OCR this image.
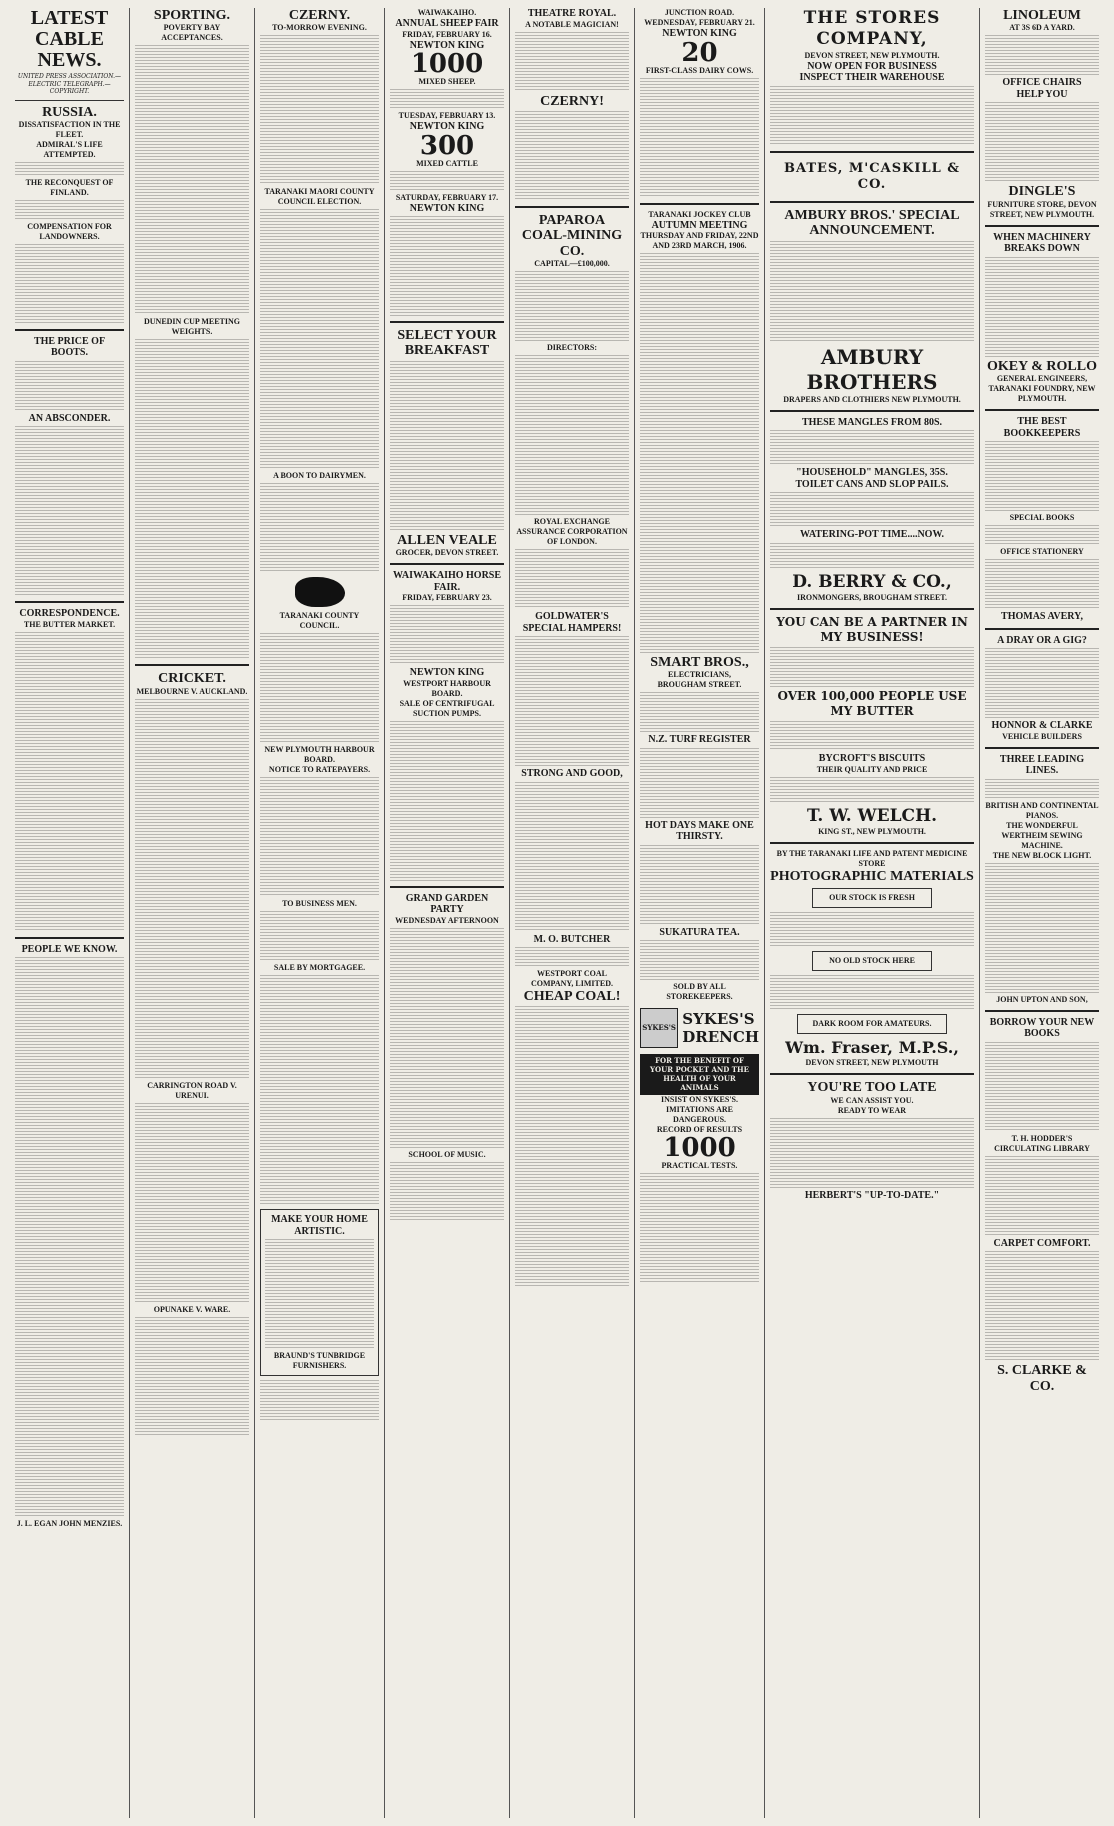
LATEST CABLE NEWS.
UNITED PRESS ASSOCIATION.— ELECTRIC TELEGRAPH.—COPYRIGHT.
RUSSIA.
DISSATISFACTION IN THE FLEET.
ADMIRAL'S LIFE ATTEMPTED.
THE RECONQUEST OF FINLAND.
COMPENSATION FOR LANDOWNERS.
THE PRICE OF BOOTS.
AN ABSCONDER.
CORRESPONDENCE.
THE BUTTER MARKET.
PEOPLE WE KNOW.
J. L. EGAN JOHN MENZIES.
SPORTING.
POVERTY BAY ACCEPTANCES.
DUNEDIN CUP MEETING WEIGHTS.
CRICKET.
MELBOURNE V. AUCKLAND.
CARRINGTON ROAD V. URENUI.
OPUNAKE V. WARE.
CZERNY.
TO-MORROW EVENING.
TARANAKI MAORI COUNTY COUNCIL ELECTION.
A BOON TO DAIRYMEN.
TARANAKI COUNTY COUNCIL.
NEW PLYMOUTH HARBOUR BOARD.
NOTICE TO RATEPAYERS.
TO BUSINESS MEN.
SALE BY MORTGAGEE.
MAKE YOUR HOME ARTISTIC.
BRAUND'S TUNBRIDGE FURNISHERS.
WAIWAKAIHO.
ANNUAL SHEEP FAIR
FRIDAY, FEBRUARY 16.
NEWTON KING
1000
MIXED SHEEP.
TUESDAY, FEBRUARY 13.
NEWTON KING
300
MIXED CATTLE
SATURDAY, FEBRUARY 17.
NEWTON KING
SELECT YOUR BREAKFAST
ALLEN VEALE
GROCER, DEVON STREET.
WAIWAKAIHO HORSE FAIR.
FRIDAY, FEBRUARY 23.
NEWTON KING
WESTPORT HARBOUR BOARD.
SALE OF CENTRIFUGAL SUCTION PUMPS.
GRAND GARDEN PARTY
WEDNESDAY AFTERNOON
SCHOOL OF MUSIC.
THEATRE ROYAL.
A NOTABLE MAGICIAN!
CZERNY!
PAPAROA COAL-MINING CO.
CAPITAL—£100,000.
DIRECTORS:
ROYAL EXCHANGE ASSURANCE CORPORATION OF LONDON.
GOLDWATER'S SPECIAL HAMPERS!
STRONG AND GOOD,
M. O. BUTCHER
WESTPORT COAL COMPANY, LIMITED.
CHEAP COAL!
JUNCTION ROAD.
WEDNESDAY, FEBRUARY 21.
NEWTON KING
20
FIRST-CLASS DAIRY COWS.
TARANAKI JOCKEY CLUB
AUTUMN MEETING
THURSDAY AND FRIDAY, 22ND AND 23RD MARCH, 1906.
SMART BROS.,
ELECTRICIANS,
BROUGHAM STREET.
N.Z. TURF REGISTER
HOT DAYS MAKE ONE THIRSTY.
SUKATURA TEA.
SOLD BY ALL STOREKEEPERS.
SYKES'S SYKES'S
DRENCH
FOR THE BENEFIT OF YOUR POCKET AND THE HEALTH OF YOUR ANIMALS
INSIST ON SYKES'S.
IMITATIONS ARE DANGEROUS.
RECORD OF RESULTS
1000
PRACTICAL TESTS.
THE STORES COMPANY,
DEVON STREET, NEW PLYMOUTH.
NOW OPEN FOR BUSINESS
INSPECT THEIR WAREHOUSE
BATES, M'CASKILL & CO.
AMBURY BROS.' SPECIAL ANNOUNCEMENT.
AMBURY BROTHERS
DRAPERS AND CLOTHIERS NEW PLYMOUTH.
THESE MANGLES FROM 80S.
"HOUSEHOLD" MANGLES, 35S.
TOILET CANS AND SLOP PAILS.
WATERING-POT TIME....NOW.
D. BERRY & CO.,
IRONMONGERS, BROUGHAM STREET.
YOU CAN BE A PARTNER IN MY BUSINESS!
OVER 100,000 PEOPLE USE MY BUTTER
BYCROFT'S BISCUITS
THEIR QUALITY AND PRICE
T. W. WELCH.
KING ST., NEW PLYMOUTH.
BY THE TARANAKI LIFE AND PATENT MEDICINE STORE
PHOTOGRAPHIC MATERIALS
OUR STOCK IS FRESH
NO OLD STOCK HERE
DARK ROOM FOR AMATEURS.
Wm. Fraser, M.P.S.,
DEVON STREET, NEW PLYMOUTH
YOU'RE TOO LATE
WE CAN ASSIST YOU.
READY TO WEAR
HERBERT'S "UP-TO-DATE."
LINOLEUM
AT 3S 6D A YARD.
OFFICE CHAIRS
HELP YOU
DINGLE'S
FURNITURE STORE, DEVON STREET, NEW PLYMOUTH.
WHEN MACHINERY BREAKS DOWN
OKEY & ROLLO
GENERAL ENGINEERS, TARANAKI FOUNDRY, NEW PLYMOUTH.
THE BEST BOOKKEEPERS
SPECIAL BOOKS
OFFICE STATIONERY
THOMAS AVERY,
A DRAY OR A GIG?
HONNOR & CLARKE
VEHICLE BUILDERS
THREE LEADING LINES.
BRITISH AND CONTINENTAL PIANOS.
THE WONDERFUL WERTHEIM SEWING MACHINE.
THE NEW BLOCK LIGHT.
JOHN UPTON AND SON,
BORROW YOUR NEW BOOKS
T. H. HODDER'S CIRCULATING LIBRARY
CARPET COMFORT.
S. CLARKE & CO.
